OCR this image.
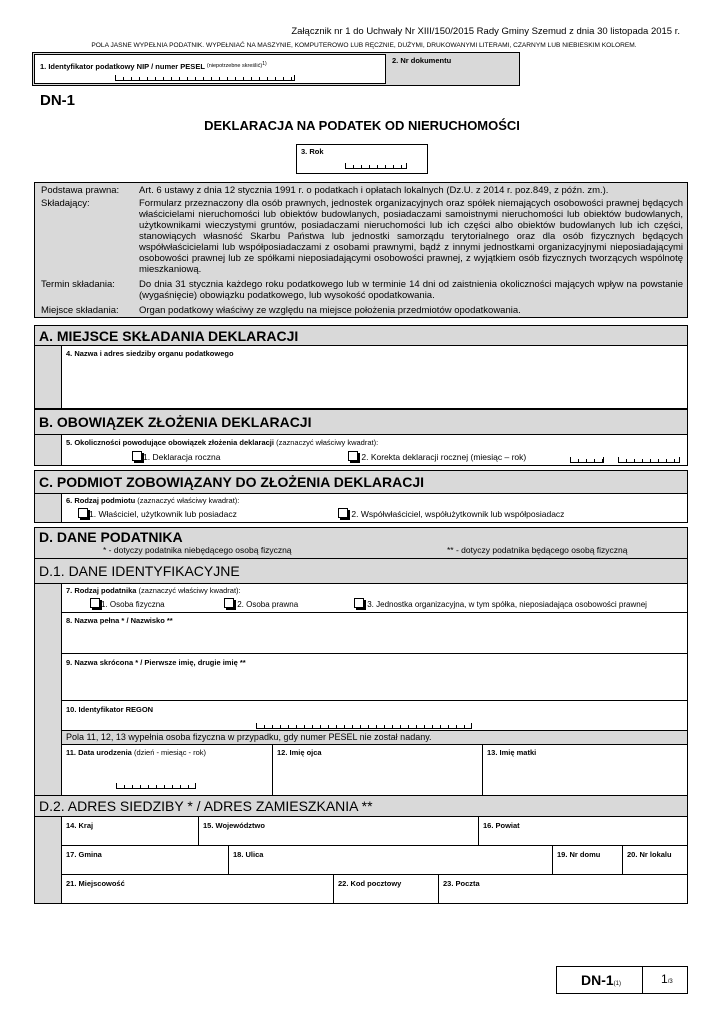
Załącznik nr 1 do Uchwały Nr XIII/150/2015 Rady Gminy Szemud z dnia 30 listopada 2015 r.
POLA JASNE WYPEŁNIA PODATNIK. WYPEŁNIAĆ NA MASZYNIE, KOMPUTEROWO LUB RĘCZNIE, DUŻYMI, DRUKOWANYMI LITERAMI, CZARNYM LUB NIEBIESKIM KOLOREM.
1. Identyfikator podatkowy NIP / numer PESEL $^{(niepotrzebne skreślić)1)}$	2. Nr dokumentu
DN-1
DEKLARACJA NA PODATEK OD NIERUCHOMOŚCI
3. Rok
Podstawa prawna: Art. 6 ustawy z dnia 12 stycznia 1991 r. o podatkach i opłatach lokalnych (Dz.U. z 2014 r. poz.849, z późn. zm.).
Składający:	Formularz przeznaczony dla osób prawnych, jednostek organizacyjnych oraz spółek niemających osobowości prawnej będących właścicielami nieruchomości lub obiektów budowlanych, posiadaczami samoistnymi nieruchomości lub obiektów budowlanych, użytkownikami wieczystymi gruntów, posiadaczami nieruchomości lub ich części albo obiektów budowlanych lub ich części, stanowiących własność Skarbu Państwa lub jednostki samorządu terytorialnego oraz dla osób fizycznych będących współwłaścicielami lub współposiadaczami z osobami prawnymi, bądź z innymi jednostkami organizacyjnymi nieposiadającymi osobowości prawnej lub ze spółkami nieposiadającymi osobowości prawnej, z wyjątkiem osób fizycznych tworzących wspólnotę mieszkaniową.
Termin składania:	Do dnia 31 stycznia każdego roku podatkowego lub w terminie 14 dni od zaistnienia okoliczności mających wpływ na powstanie (wygaśnięcie) obowiązku podatkowego, lub wysokość opodatkowania.
Miejsce składania: Organ podatkowy właściwy ze względu na miejsce położenia przedmiotów opodatkowania.
A. MIEJSCE SKŁADANIA DEKLARACJI
4. Nazwa i adres siedziby organu podatkowego
B. OBOWIĄZEK ZŁOŻENIA DEKLARACJI
5. Okoliczności powodujące obowiązek złożenia deklaracji (zaznaczyć właściwy kwadrat):
1. Deklaracja roczna	2. Korekta deklaracji rocznej (miesiąc – rok)
C. PODMIOT ZOBOWIĄZANY DO ZŁOŻENIA DEKLARACJI
6. Rodzaj podmiotu (zaznaczyć właściwy kwadrat):
1. Właściciel, użytkownik lub posiadacz	2. Współwłaściciel, współużytkownik lub współposiadacz
D. DANE PODATNIKA
* - dotyczy podatnika niebędącego osobą fizyczną	** - dotyczy podatnika będącego osobą fizyczną
D.1. DANE IDENTYFIKACYJNE
7. Rodzaj podatnika (zaznaczyć właściwy kwadrat):
1. Osoba fizyczna	2. Osoba prawna	3. Jednostka organizacyjna, w tym spółka, nieposiadająca osobowości prawnej
8. Nazwa pełna * / Nazwisko **
9. Nazwa skrócona * / Pierwsze imię, drugie imię **
10. Identyfikator REGON
Pola 11, 12, 13 wypełnia osoba fizyczna w przypadku, gdy numer PESEL nie został nadany.
11. Data urodzenia (dzień - miesiąc - rok)	12. Imię ojca	13. Imię matki
D.2. ADRES SIEDZIBY * / ADRES ZAMIESZKANIA **
14. Kraj	15. Województwo	16. Powiat
17. Gmina	18. Ulica	19. Nr domu	20. Nr lokalu
21. Miejscowość	22. Kod pocztowy	23. Poczta
DN-1(1)	1/3
